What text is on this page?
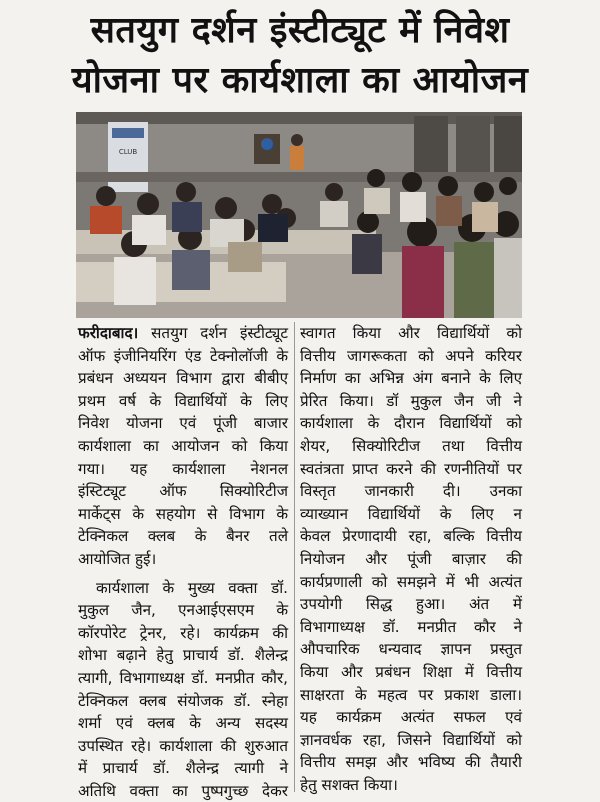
सतयुग दर्शन इंस्टीट्यूट में निवेश
योजना पर कार्यशाला का आयोजन
CLUB

फरीदाबाद। सतयुग दर्शन इंस्टीट्यूट
ऑफ इंजीनियरिंग एंड टेक्नोलॉजी के
प्रबंधन अध्ययन विभाग द्वारा बीबीए
प्रथम वर्ष के विद्यार्थियों के लिए
निवेश योजना एवं पूंजी बाजार
कार्यशाला का आयोजन को किया
गया। यह कार्यशाला नेशनल
इंस्टिट्यूट ऑफ सिक्योरिटीज
मार्केट्स के सहयोग से विभाग के
टेक्निकल क्लब के बैनर तले
आयोजित हुई।

कार्यशाला के मुख्य वक्ता डॉ.
मुकुल जैन, एनआईएसएम के
कॉरपोरेट ट्रेनर, रहे। कार्यक्रम की
शोभा बढ़ाने हेतु प्राचार्य डॉ. शैलेन्द्र
त्यागी, विभागाध्यक्ष डॉ. मनप्रीत कौर,
टेक्निकल क्लब संयोजक डॉ. स्नेहा
शर्मा एवं क्लब के अन्य सदस्य
उपस्थित रहे। कार्यशाला की शुरुआत
में प्राचार्य डॉ. शैलेन्द्र त्यागी ने
अतिथि वक्ता का पुष्पगुच्छ देकर

स्वागत किया और विद्यार्थियों को
वित्तीय जागरूकता को अपने करियर
निर्माण का अभिन्न अंग बनाने के लिए
प्रेरित किया। डॉ मुकुल जैन जी ने
कार्यशाला के दौरान विद्यार्थियों को
शेयर, सिक्योरिटीज तथा वित्तीय
स्वतंत्रता प्राप्त करने की रणनीतियों पर
विस्तृत जानकारी दी। उनका
व्याख्यान विद्यार्थियों के लिए न
केवल प्रेरणादायी रहा, बल्कि वित्तीय
नियोजन और पूंजी बाज़ार की
कार्यप्रणाली को समझने में भी अत्यंत
उपयोगी सिद्ध हुआ। अंत में
विभागाध्यक्ष डॉ. मनप्रीत कौर ने
औपचारिक धन्यवाद ज्ञापन प्रस्तुत
किया और प्रबंधन शिक्षा में वित्तीय
साक्षरता के महत्व पर प्रकाश डाला।
यह कार्यक्रम अत्यंत सफल एवं
ज्ञानवर्धक रहा, जिसने विद्यार्थियों को
वित्तीय समझ और भविष्य की तैयारी
हेतु सशक्त किया।
